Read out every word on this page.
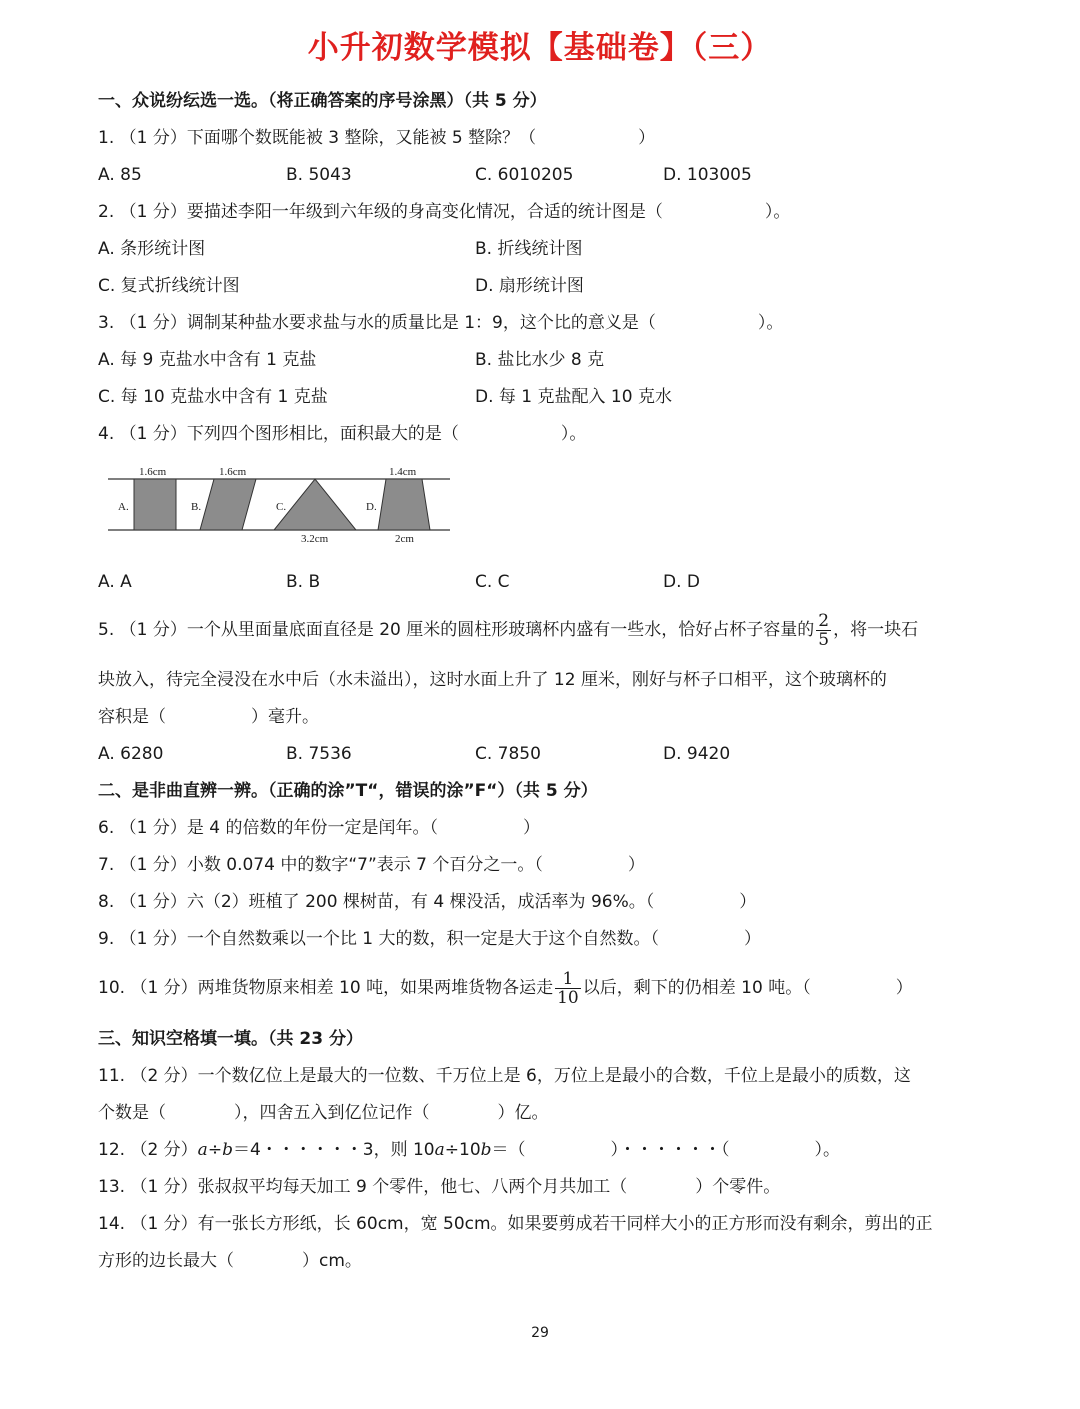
小升初数学模拟【基础卷】（三）
一、众说纷纭选一选。（将正确答案的序号涂黑）（共 5 分）
1. （1 分）下面哪个数既能被 3 整除，又能被 5 整除？（　　　　　　）
A. 85	B. 5043	C. 6010205	D. 103005
2. （1 分）要描述李阳一年级到六年级的身高变化情况，合适的统计图是（　　　　　　）。
A. 条形统计图	B. 折线统计图
C. 复式折线统计图	D. 扇形统计图
3. （1 分）调制某种盐水要求盐与水的质量比是 1：9，这个比的意义是（　　　　　　）。
A. 每 9 克盐水中含有 1 克盐	B. 盐比水少 8 克
C. 每 10 克盐水中含有 1 克盐	D. 每 1 克盐配入 10 克水
4. （1 分）下列四个图形相比，面积最大的是（　　　　　　）。
A.	B.	C.	D.
1.6cm	1.6cm
3.2cm
1.4cm
2cm
A. A	B. B	C. C	D. D
5. （1 分）一个从里面量底面直径是 20 厘米的圆柱形玻璃杯内盛有一些水，恰好占杯子容量的 $\frac{2}{5}$ ，将一块石
块放入，待完全浸没在水中后（水未溢出），这时水面上升了 12 厘米，刚好与杯子口相平，这个玻璃杯的
容积是（　　　　　）毫升。
A. 6280	B. 7536	C. 7850	D. 9420
二、是非曲直辨一辨。（正确的涂”T“，错误的涂”F“）（共 5 分）
6. （1 分）是 4 的倍数的年份一定是闰年。（　　　　　）
7. （1 分）小数 0.074 中的数字“7”表示 7 个百分之一。（　　　　　）
8. （1 分）六（2）班植了 200 棵树苗，有 4 棵没活，成活率为 96%。（　　　　　）
9. （1 分）一个自然数乘以一个比 1 大的数，积一定是大于这个自然数。（　　　　　）
10. （1 分）两堆货物原来相差 10 吨，如果两堆货物各运走 $\frac{1}{10}$ 以后，剩下的仍相差 10 吨。（　　　　　）
三、知识空格填一填。（共 23 分）
11. （2 分）一个数亿位上是最大的一位数、千万位上是 6，万位上是最小的合数，千位上是最小的质数，这
个数是（　　　　），四舍五入到亿位记作（　　　　）亿。
12. （2 分）a÷b＝4・・・・・・3，则 10a÷10b＝（　　　　　）・・・・・・（　　　　　）。
13. （1 分）张叔叔平均每天加工 9 个零件，他七、八两个月共加工（　　　　）个零件。
14. （1 分）有一张长方形纸，长 60cm，宽 50cm。如果要剪成若干同样大小的正方形而没有剩余，剪出的正
方形的边长最大（　　　　）cm。
29
